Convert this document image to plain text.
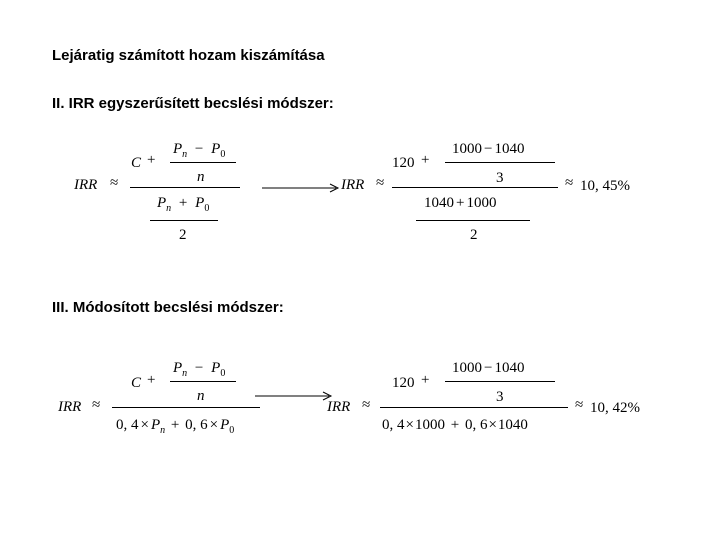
Lejáratig számított hozam kiszámítása
II. IRR egyszerűsített becslési módszer:
III. Módosított becslési módszer:
IRR ≈
C +
$P_n - P_0$
n
$P_n + P_0$
2
IRR ≈
120 +
1000 − 1040
3
1040 + 1000
2
≈ 10, 45%
IRR ≈
C +
$P_n - P_0$
n
0, $4 \times P_n + 0$, $6 \times P_0$
IRR ≈
120 +
1000 − 1040
3
0, 4×1000 + 0, 6×1040
≈ 10, 42%
